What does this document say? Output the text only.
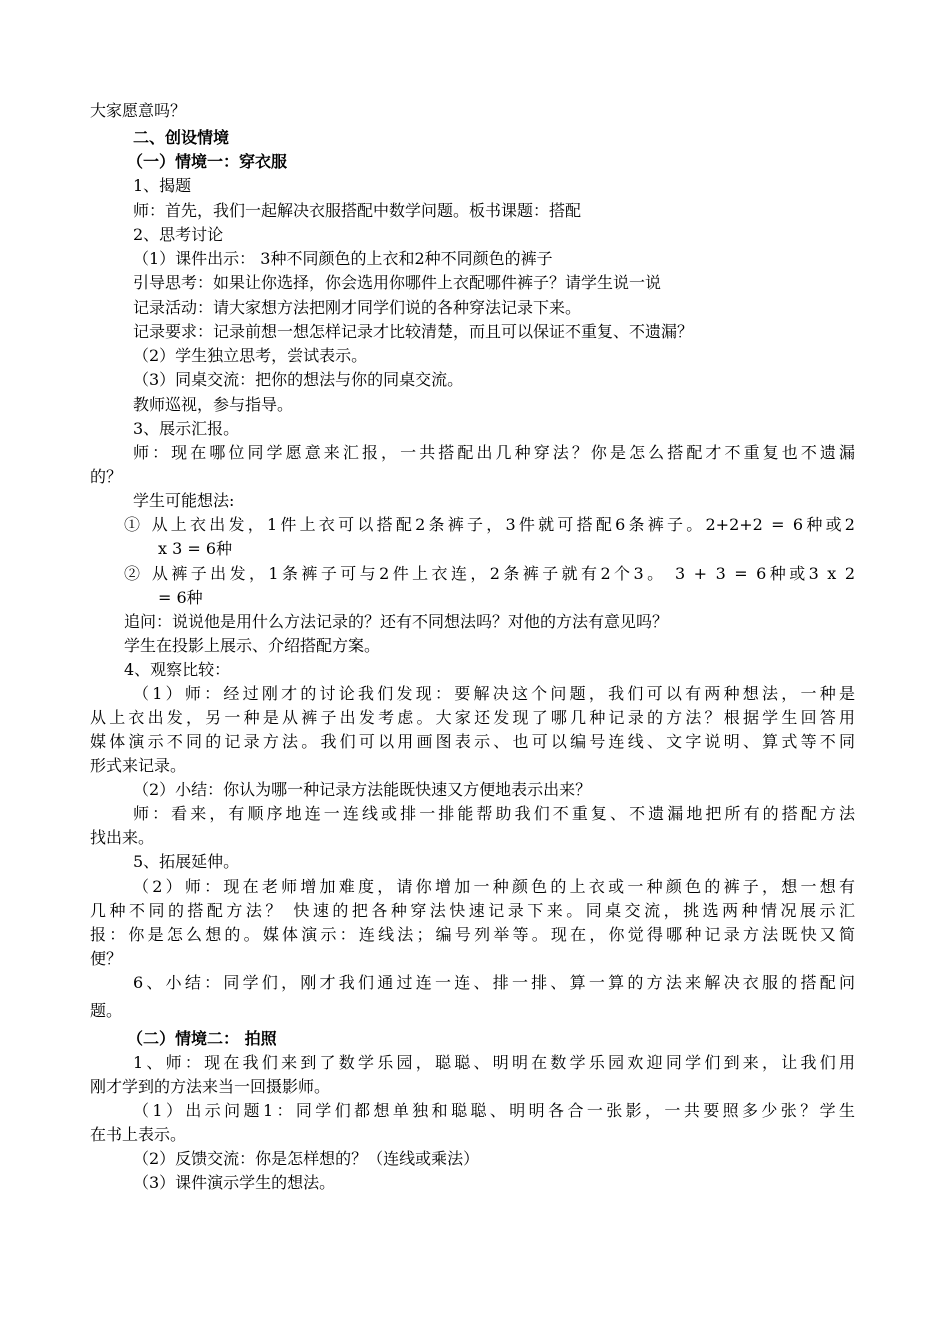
大家愿意吗？
二、创设情境
（一）情境一：穿衣服
1、揭题
师：首先，我们一起解决衣服搭配中数学问题。板书课题：搭配
2、思考讨论
（1）课件出示： 3种不同颜色的上衣和2种不同颜色的裤子
引导思考：如果让你选择，你会选用你哪件上衣配哪件裤子？请学生说一说
记录活动：请大家想方法把刚才同学们说的各种穿法记录下来。
记录要求：记录前想一想怎样记录才比较清楚，而且可以保证不重复、不遗漏？
（2）学生独立思考，尝试表示。
（3）同桌交流：把你的想法与你的同桌交流。
教师巡视，参与指导。
3、展示汇报。
师：现在哪位同学愿意来汇报，一共搭配出几种穿法？你是怎么搭配才不重复也不遗漏
的？
学生可能想法:
① 从上衣出发，1件上衣可以搭配2条裤子，3件就可搭配6条裤子。2+2+2 = 6种或2
x 3 = 6种
② 从裤子出发，1条裤子可与2件上衣连，2条裤子就有2个3。 3 + 3 = 6种或3 x 2
= 6种
追问：说说他是用什么方法记录的？还有不同想法吗？对他的方法有意见吗？
学生在投影上展示、介绍搭配方案。
4、观察比较：
（1）师：经过刚才的讨论我们发现：要解决这个问题，我们可以有两种想法，一种是
从上衣出发，另一种是从裤子出发考虑。大家还发现了哪几种记录的方法？根据学生回答用
媒体演示不同的记录方法。我们可以用画图表示、也可以编号连线、文字说明、算式等不同
形式来记录。
（2）小结：你认为哪一种记录方法能既快速又方便地表示出来？
师：看来，有顺序地连一连线或排一排能帮助我们不重复、不遗漏地把所有的搭配方法
找出来。
5、拓展延伸。
（2）师：现在老师增加难度，请你增加一种颜色的上衣或一种颜色的裤子，想一想有
几种不同的搭配方法？ 快速的把各种穿法快速记录下来。同桌交流，挑选两种情况展示汇
报：你是怎么想的。媒体演示：连线法；编号列举等。现在，你觉得哪种记录方法既快又简
便？
6、小结：同学们，刚才我们通过连一连、排一排、算一算的方法来解决衣服的搭配问
题。
（二）情境二： 拍照
1、师：现在我们来到了数学乐园，聪聪、明明在数学乐园欢迎同学们到来，让我们用
刚才学到的方法来当一回摄影师。
（1）出示问题1：同学们都想单独和聪聪、明明各合一张影，一共要照多少张？学生
在书上表示。
（2）反馈交流：你是怎样想的？（连线或乘法）
（3）课件演示学生的想法。
